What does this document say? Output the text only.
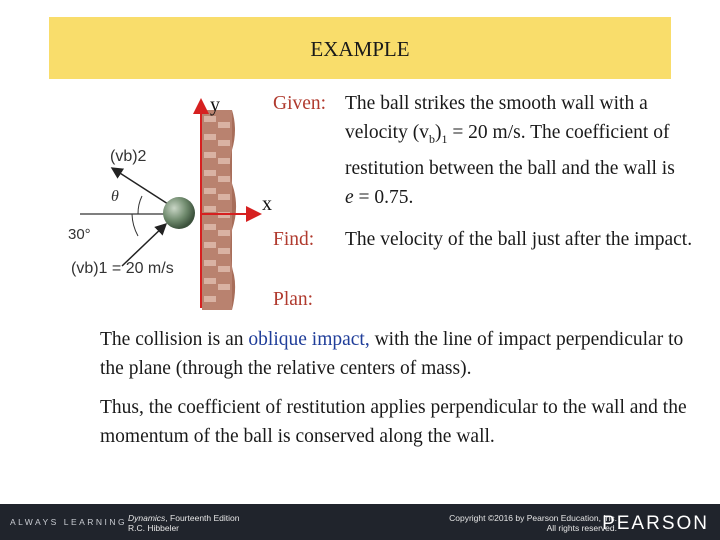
EXAMPLE
y
x
(vb)2
θ
30°
(vb)1 = 20 m/s
Given: The ball strikes the smooth wall with a velocity $(v_b)_1 = 20$ m/s. The coefficient of restitution between the ball and the wall is e = 0.75.
Find: The velocity of the ball just after the impact.
Plan:
The collision is an oblique impact, with the line of impact perpendicular to the plane (through the relative centers of mass).
Thus, the coefficient of restitution applies perpendicular to the wall and the momentum of the ball is conserved along the wall.
ALWAYS LEARNING Dynamics, Fourteenth Edition
R.C. Hibbeler
Copyright ©2016 by Pearson Education, Inc.
All rights reserved.
PEARSON
